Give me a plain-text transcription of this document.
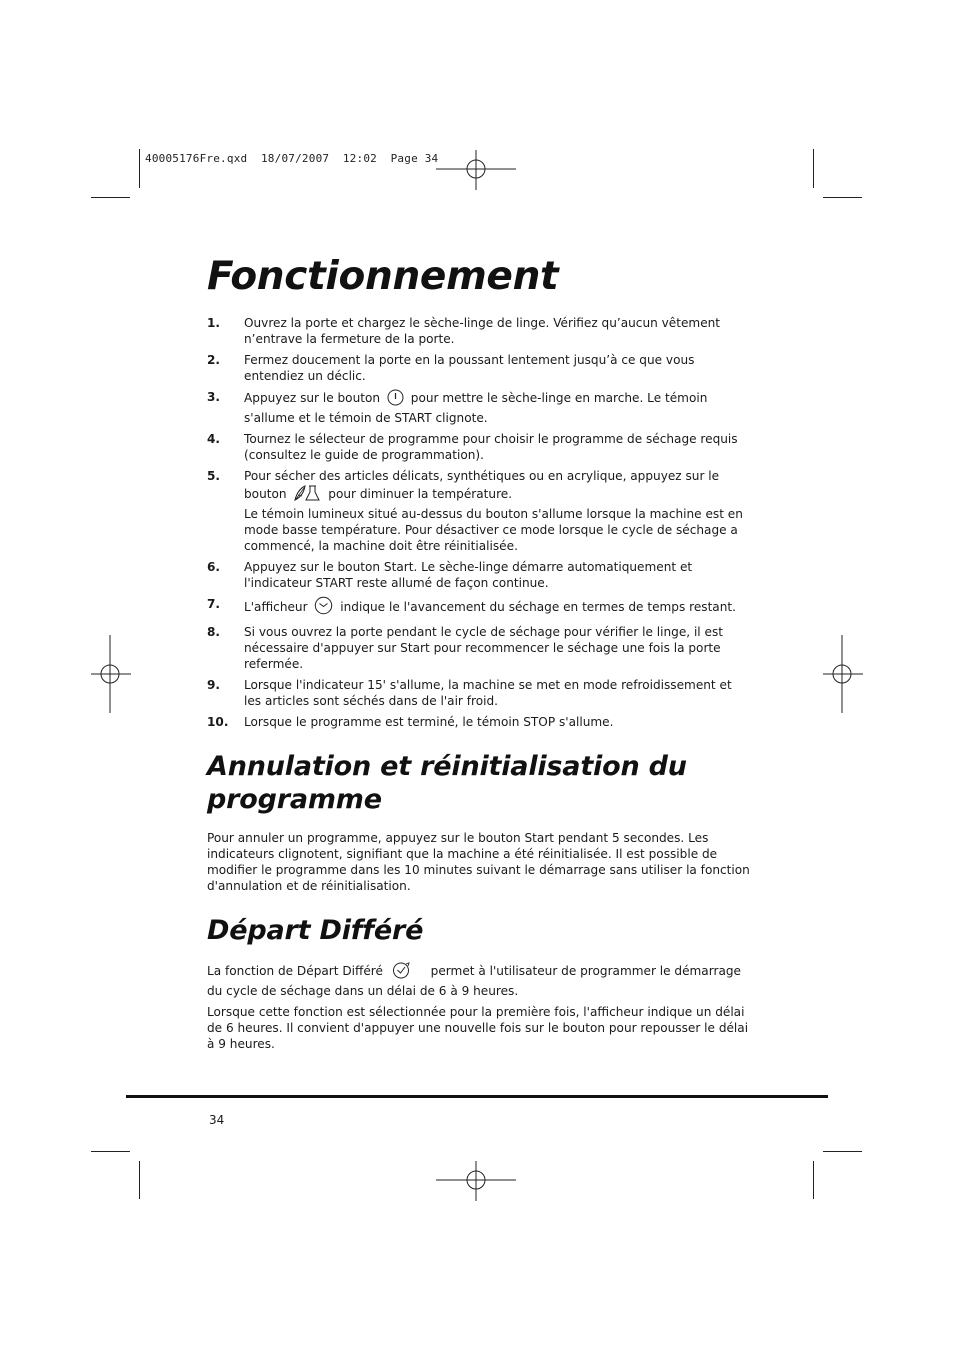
40005176Fre.qxd  18/07/2007  12:02  Page 34
Fonctionnement
1. Ouvrez la porte et chargez le sèche-linge de linge. Vérifiez qu’aucun vêtement n’entrave la fermeture de la porte.
2. Fermez doucement la porte en la poussant lentement jusqu’à ce que vous entendiez un déclic.
3. Appuyez sur le bouton	pour mettre le sèche-linge en marche. Le témoin s'allume et le témoin de START clignote.
4. Tournez le sélecteur de programme pour choisir le programme de séchage requis (consultez le guide de programmation).
5. Pour sécher des articles délicats, synthétiques ou en acrylique, appuyez sur le bouton	pour diminuer la température.
Le témoin lumineux situé au-dessus du bouton s'allume lorsque la machine est en mode basse température. Pour désactiver ce mode lorsque le cycle de séchage a commencé, la machine doit être réinitialisée.
6. Appuyez sur le bouton Start. Le sèche-linge démarre automatiquement et l'indicateur START reste allumé de façon continue.
7. L'afficheur	indique le l'avancement du séchage en termes de temps restant.
8. Si vous ouvrez la porte pendant le cycle de séchage pour vérifier le linge, il est nécessaire d'appuyer sur Start pour recommencer le séchage une fois la porte refermée.
9. Lorsque l'indicateur 15' s'allume, la machine se met en mode refroidissement et les articles sont séchés dans de l'air froid.
10. Lorsque le programme est terminé, le témoin STOP s'allume.
Annulation et réinitialisation du programme

Pour annuler un programme, appuyez sur le bouton Start pendant 5 secondes. Les indicateurs clignotent, signifiant que la machine a été réinitialisée. Il est possible de modifier le programme dans les 10 minutes suivant le démarrage sans utiliser la fonction d'annulation et de réinitialisation.

Départ Différé

La fonction de Départ Différé	permet à l'utilisateur de programmer le démarrage du cycle de séchage dans un délai de 6 à 9 heures.

Lorsque cette fonction est sélectionnée pour la première fois, l'afficheur indique un délai de 6 heures. Il convient d'appuyer une nouvelle fois sur le bouton pour repousser le délai à 9 heures.

34
